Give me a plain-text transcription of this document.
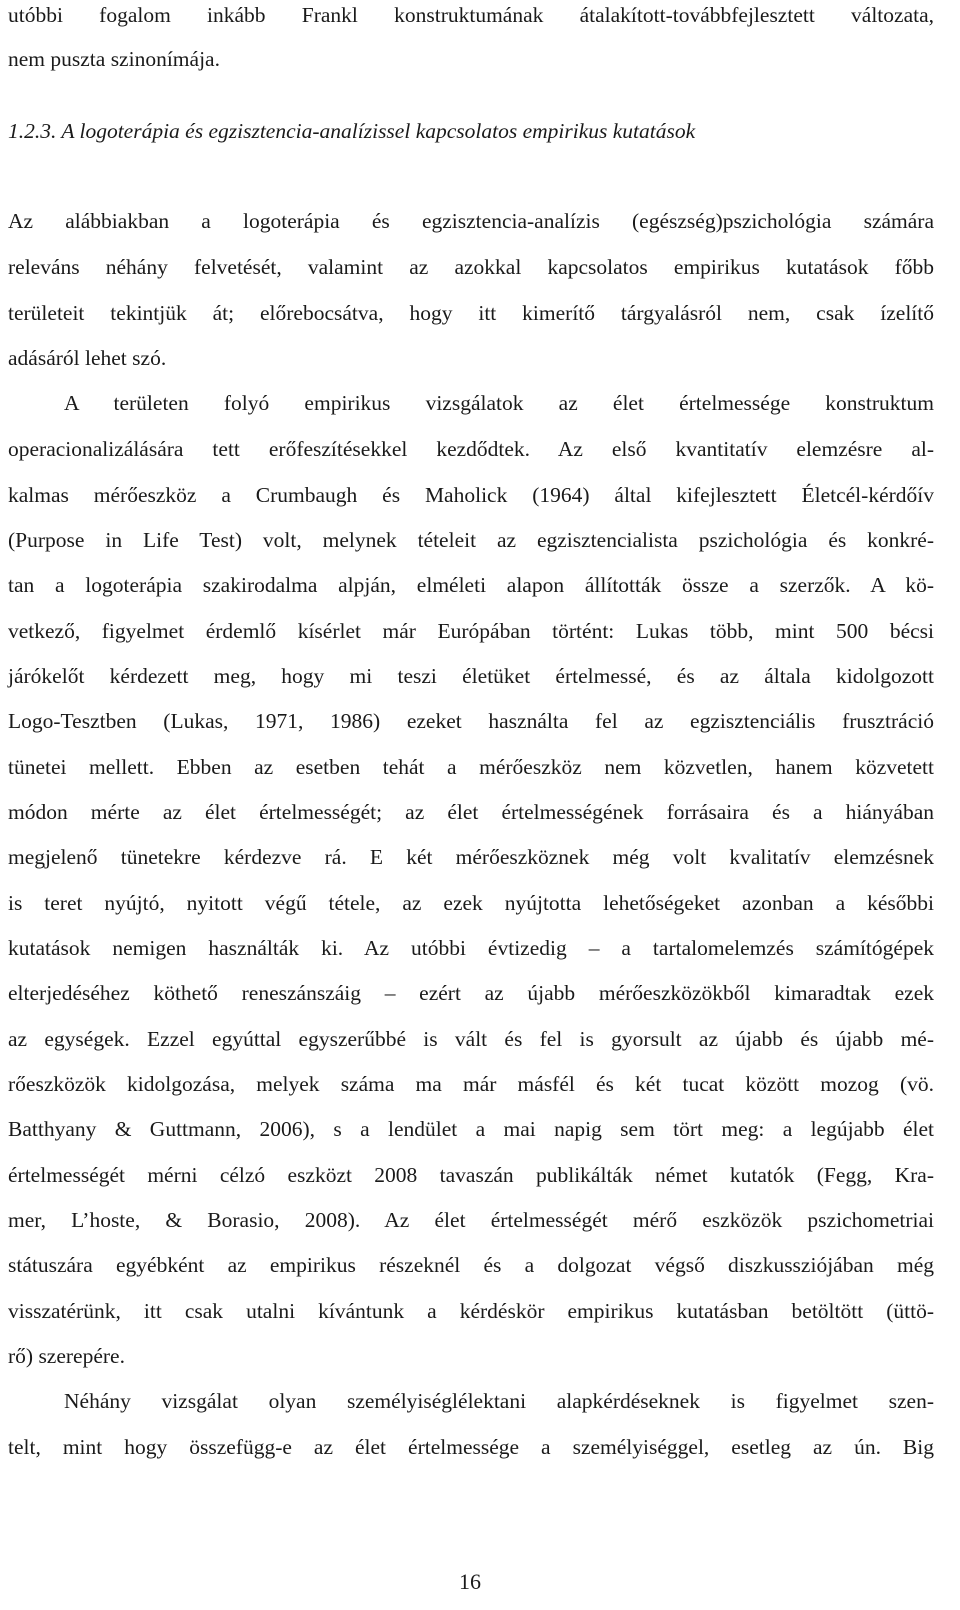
utóbbi fogalom inkább Frankl konstruktumának átalakított-továbbfejlesztett változata,

nem puszta szinonímája.

1.2.3. A logoterápia és egzisztencia-analízissel kapcsolatos empirikus kutatások

Az alábbiakban a logoterápia és egzisztencia-analízis (egészség)pszichológia számára

releváns néhány felvetését, valamint az azokkal kapcsolatos empirikus kutatások főbb

területeit tekintjük át; előrebocsátva, hogy itt kimerítő tárgyalásról nem, csak ízelítő

adásáról lehet szó.

A területen folyó empirikus vizsgálatok az élet értelmessége konstruktum

operacionalizálására tett erőfeszítésekkel kezdődtek. Az első kvantitatív elemzésre al-

kalmas mérőeszköz a Crumbaugh és Maholick (1964) által kifejlesztett Életcél-kérdőív

(Purpose in Life Test) volt, melynek tételeit az egzisztencialista pszichológia és konkré-

tan a logoterápia szakirodalma alpján, elméleti alapon állították össze a szerzők. A kö-

vetkező, figyelmet érdemlő kísérlet már Európában történt: Lukas több, mint 500 bécsi

járókelőt kérdezett meg, hogy mi teszi életüket értelmessé, és az általa kidolgozott

Logo-Tesztben (Lukas, 1971, 1986) ezeket használta fel az egzisztenciális frusztráció

tünetei mellett. Ebben az esetben tehát a mérőeszköz nem közvetlen, hanem közvetett

módon mérte az élet értelmességét; az élet értelmességének forrásaira és a hiányában

megjelenő tünetekre kérdezve rá. E két mérőeszköznek még volt kvalitatív elemzésnek

is teret nyújtó, nyitott végű tétele, az ezek nyújtotta lehetőségeket azonban a későbbi

kutatások nemigen használták ki. Az utóbbi évtizedig – a tartalomelemzés számítógépek

elterjedéséhez köthető reneszánszáig – ezért az újabb mérőeszközökből kimaradtak ezek

az egységek. Ezzel egyúttal egyszerűbbé is vált és fel is gyorsult az újabb és újabb mé-

rőeszközök kidolgozása, melyek száma ma már másfél és két tucat között mozog (vö.

Batthyany & Guttmann, 2006), s a lendület a mai napig sem tört meg: a legújabb élet

értelmességét mérni célzó eszközt 2008 tavaszán publikálták német kutatók (Fegg, Kra-

mer, L’hoste, & Borasio, 2008). Az élet értelmességét mérő eszközök pszichometriai

státuszára egyébként az empirikus részeknél és a dolgozat végső diszkussziójában még

visszatérünk, itt csak utalni kívántunk a kérdéskör empirikus kutatásban betöltött (üttö-

rő) szerepére.

Néhány vizsgálat olyan személyiséglélektani alapkérdéseknek is figyelmet szen-

telt, mint hogy összefügg-e az élet értelmessége a személyiséggel, esetleg az ún. Big

16
